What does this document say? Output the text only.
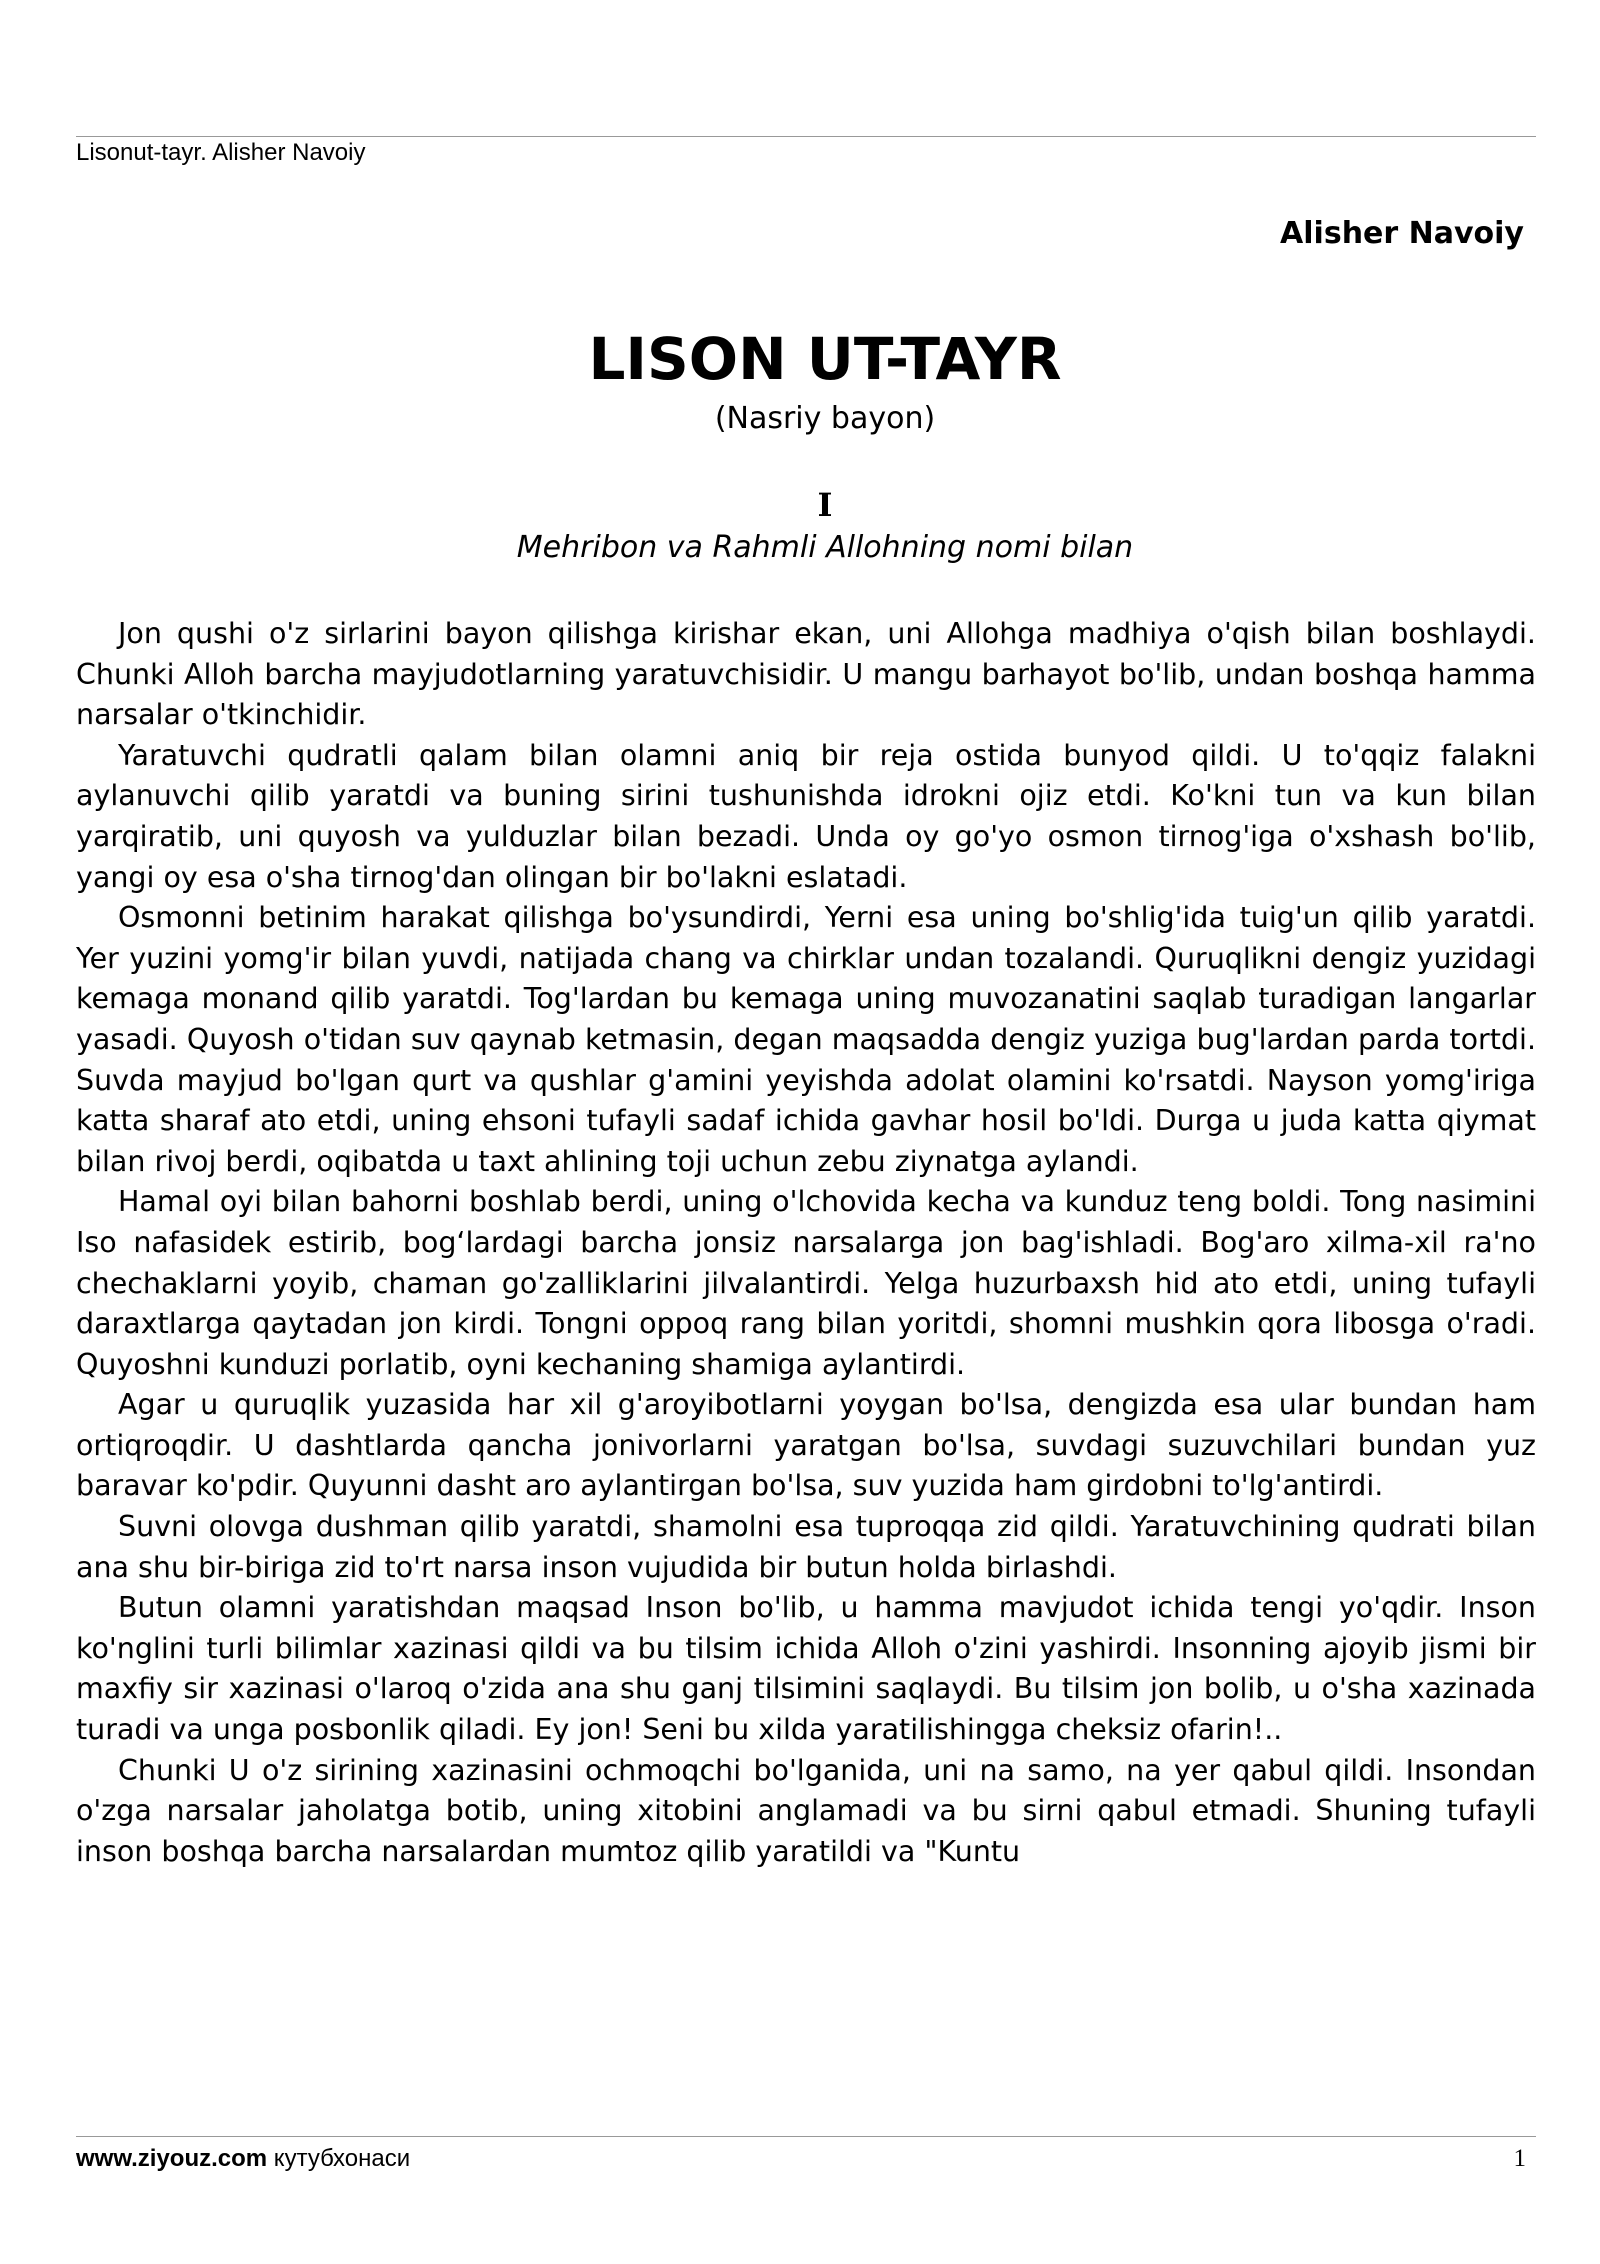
Lisonut-tayr. Alisher Navoiy
Alisher Navoiy
LISON UT-TAYR
(Nasriy bayon)
I
Mehribon va Rahmli Allohning nomi bilan

Jon qushi o'z sirlarini bayon qilishga kirishar ekan, uni Allohga madhiya o'qish bilan boshlaydi. Chunki Alloh barcha mayjudotlarning yaratuvchisidir. U mangu barhayot bo'lib, undan boshqa hamma narsalar o'tkinchidir.

Yaratuvchi qudratli qalam bilan olamni aniq bir reja ostida bunyod qildi. U to'qqiz falakni aylanuvchi qilib yaratdi va buning sirini tushunishda idrokni ojiz etdi. Ko'kni tun va kun bilan yarqiratib, uni quyosh va yulduzlar bilan bezadi. Unda oy go'yo osmon tirnog'iga o'xshash bo'lib, yangi oy esa o'sha tirnog'dan olingan bir bo'lakni eslatadi.

Osmonni betinim harakat qilishga bo'ysundirdi, Yerni esa uning bo'shlig'ida tuig'un qilib yaratdi. Yer yuzini yomg'ir bilan yuvdi, natijada chang va chirklar undan tozalandi. Quruqlikni dengiz yuzidagi kemaga monand qilib yaratdi. Tog'lardan bu kemaga uning muvozanatini saqlab turadigan langarlar yasadi. Quyosh o'tidan suv qaynab ketmasin, degan maqsadda dengiz yuziga bug'lardan parda tortdi. Suvda mayjud bo'lgan qurt va qushlar g'amini yeyishda adolat olamini ko'rsatdi. Nayson yomg'iriga katta sharaf ato etdi, uning ehsoni tufayli sadaf ichida gavhar hosil bo'ldi. Durga u juda katta qiymat bilan rivoj berdi, oqibatda u taxt ahlining toji uchun zebu ziynatga aylandi.

Hamal oyi bilan bahorni boshlab berdi, uning o'lchovida kecha va kunduz teng boldi. Tong nasimini Iso nafasidek estirib, bog‘lardagi barcha jonsiz narsalarga jon bag'ishladi. Bog'aro xilma-xil ra'no chechaklarni yoyib, chaman go'zalliklarini jilvalantirdi. Yelga huzurbaxsh hid ato etdi, uning tufayli daraxtlarga qaytadan jon kirdi. Tongni oppoq rang bilan yoritdi, shomni mushkin qora libosga o'radi. Quyoshni kunduzi porlatib, oyni kechaning shamiga aylantirdi.

Agar u quruqlik yuzasida har xil g'aroyibotlarni yoygan bo'lsa, dengizda esa ular bundan ham ortiqroqdir. U dashtlarda qancha jonivorlarni yaratgan bo'lsa, suvdagi suzuvchilari bundan yuz baravar ko'pdir. Quyunni dasht aro aylantirgan bo'lsa, suv yuzida ham girdobni to'lg'antirdi.

Suvni olovga dushman qilib yaratdi, shamolni esa tuproqqa zid qildi. Yaratuvchining qudrati bilan ana shu bir-biriga zid to'rt narsa inson vujudida bir butun holda birlashdi.

Butun olamni yaratishdan maqsad Inson bo'lib, u hamma mavjudot ichida tengi yo'qdir. Inson ko'nglini turli bilimlar xazinasi qildi va bu tilsim ichida Alloh o'zini yashirdi. Insonning ajoyib jismi bir maxfiy sir xazinasi o'laroq o'zida ana shu ganj tilsimini saqlaydi. Bu tilsim jon bolib, u o'sha xazinada turadi va unga posbonlik qiladi. Ey jon! Seni bu xilda yaratilishingga cheksiz ofarin!..

Chunki U o'z sirining xazinasini ochmoqchi bo'lganida, uni na samo, na yer qabul qildi. Insondan o'zga narsalar jaholatga botib, uning xitobini anglamadi va bu sirni qabul etmadi. Shuning tufayli inson boshqa barcha narsalardan mumtoz qilib yaratildi va "Kuntu

www.ziyouz.com кутубхонаси	1
